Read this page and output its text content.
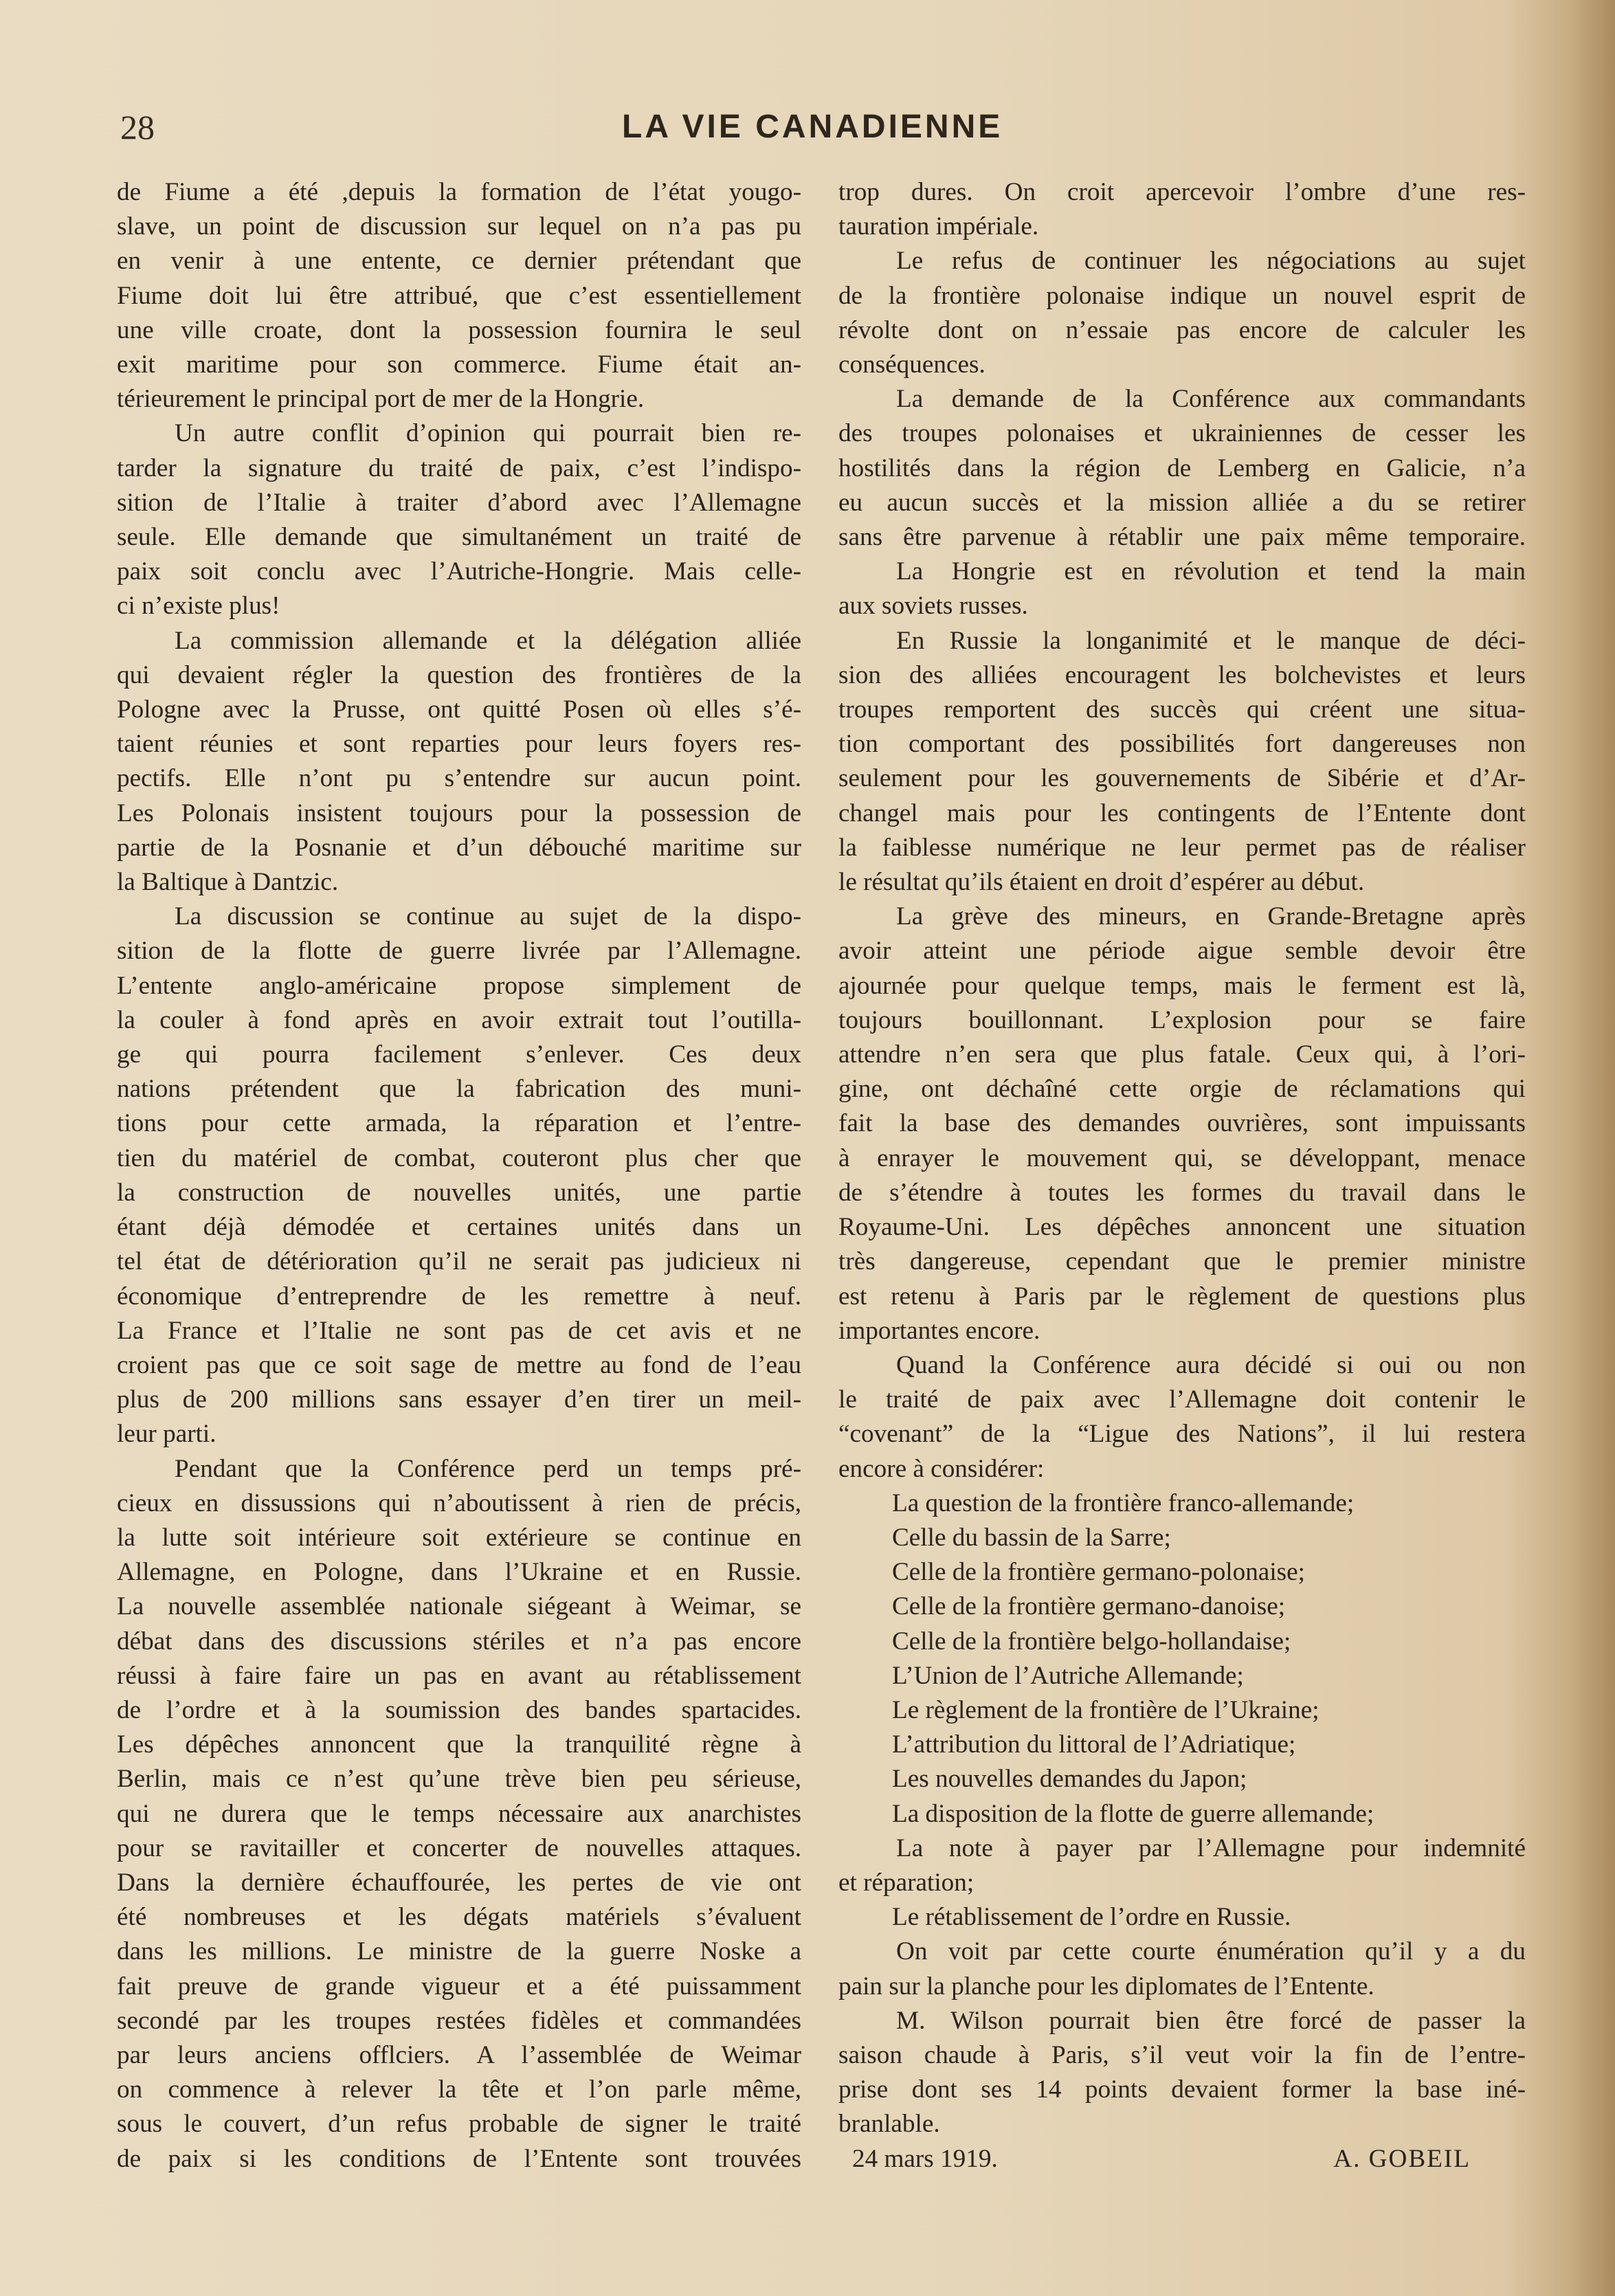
28	LA VIE CANADIENNE
de Fiume a été ,depuis la formation de l’état yougo-
slave, un point de discussion sur lequel on n’a pas pu
en venir à une entente, ce dernier prétendant que
Fiume doit lui être attribué, que c’est essentiellement
une ville croate, dont la possession fournira le seul
exit maritime pour son commerce. Fiume était an-
térieurement le principal port de mer de la Hongrie.
Un autre conflit d’opinion qui pourrait bien re-
tarder la signature du traité de paix, c’est l’indispo-
sition de l’Italie à traiter d’abord avec l’Allemagne
seule. Elle demande que simultanément un traité de
paix soit conclu avec l’Autriche-Hongrie. Mais celle-
ci n’existe plus!
La commission allemande et la délégation alliée
qui devaient régler la question des frontières de la
Pologne avec la Prusse, ont quitté Posen où elles s’é-
taient réunies et sont reparties pour leurs foyers res-
pectifs. Elle n’ont pu s’entendre sur aucun point.
Les Polonais insistent toujours pour la possession de
partie de la Posnanie et d’un débouché maritime sur
la Baltique à Dantzic.
La discussion se continue au sujet de la dispo-
sition de la flotte de guerre livrée par l’Allemagne.
L’entente anglo-américaine propose simplement de
la couler à fond après en avoir extrait tout l’outilla-
ge qui pourra facilement s’enlever. Ces deux
nations prétendent que la fabrication des muni-
tions pour cette armada, la réparation et l’entre-
tien du matériel de combat, couteront plus cher que
la construction de nouvelles unités, une partie
étant déjà démodée et certaines unités dans un
tel état de détérioration qu’il ne serait pas judicieux ni
économique d’entreprendre de les remettre à neuf.
La France et l’Italie ne sont pas de cet avis et ne
croient pas que ce soit sage de mettre au fond de l’eau
plus de 200 millions sans essayer d’en tirer un meil-
leur parti.
Pendant que la Conférence perd un temps pré-
cieux en dissussions qui n’aboutissent à rien de précis,
la lutte soit intérieure soit extérieure se continue en
Allemagne, en Pologne, dans l’Ukraine et en Russie.
La nouvelle assemblée nationale siégeant à Weimar, se
débat dans des discussions stériles et n’a pas encore
réussi à faire faire un pas en avant au rétablissement
de l’ordre et à la soumission des bandes spartacides.
Les dépêches annoncent que la tranquilité règne à
Berlin, mais ce n’est qu’une trève bien peu sérieuse,
qui ne durera que le temps nécessaire aux anarchistes
pour se ravitailler et concerter de nouvelles attaques.
Dans la dernière échauffourée, les pertes de vie ont
été nombreuses et les dégats matériels s’évaluent
dans les millions. Le ministre de la guerre Noske a
fait preuve de grande vigueur et a été puissamment
secondé par les troupes restées fidèles et commandées
par leurs anciens offlciers. A l’assemblée de Weimar
on commence à relever la tête et l’on parle même,
sous le couvert, d’un refus probable de signer le traité
de paix si les conditions de l’Entente sont trouvées
trop dures. On croit apercevoir l’ombre d’une res-
tauration impériale.
Le refus de continuer les négociations au sujet
de la frontière polonaise indique un nouvel esprit de
révolte dont on n’essaie pas encore de calculer les
conséquences.
La demande de la Conférence aux commandants
des troupes polonaises et ukrainiennes de cesser les
hostilités dans la région de Lemberg en Galicie, n’a
eu aucun succès et la mission alliée a du se retirer
sans être parvenue à rétablir une paix même temporaire.
La Hongrie est en révolution et tend la main
aux soviets russes.
En Russie la longanimité et le manque de déci-
sion des alliées encouragent les bolchevistes et leurs
troupes remportent des succès qui créent une situa-
tion comportant des possibilités fort dangereuses non
seulement pour les gouvernements de Sibérie et d’Ar-
changel mais pour les contingents de l’Entente dont
la faiblesse numérique ne leur permet pas de réaliser
le résultat qu’ils étaient en droit d’espérer au début.
La grève des mineurs, en Grande-Bretagne après
avoir atteint une période aigue semble devoir être
ajournée pour quelque temps, mais le ferment est là,
toujours bouillonnant. L’explosion pour se faire
attendre n’en sera que plus fatale. Ceux qui, à l’ori-
gine, ont déchaîné cette orgie de réclamations qui
fait la base des demandes ouvrières, sont impuissants
à enrayer le mouvement qui, se développant, menace
de s’étendre à toutes les formes du travail dans le
Royaume-Uni. Les dépêches annoncent une situation
très dangereuse, cependant que le premier ministre
est retenu à Paris par le règlement de questions plus
importantes encore.
Quand la Conférence aura décidé si oui ou non
le traité de paix avec l’Allemagne doit contenir le
“covenant” de la “Ligue des Nations”, il lui restera
encore à considérer:
La question de la frontière franco-allemande;
Celle du bassin de la Sarre;
Celle de la frontière germano-polonaise;
Celle de la frontière germano-danoise;
Celle de la frontière belgo-hollandaise;
L’Union de l’Autriche Allemande;
Le règlement de la frontière de l’Ukraine;
L’attribution du littoral de l’Adriatique;
Les nouvelles demandes du Japon;
La disposition de la flotte de guerre allemande;
La note à payer par l’Allemagne pour indemnité
et réparation;
Le rétablissement de l’ordre en Russie.
On voit par cette courte énumération qu’il y a du
pain sur la planche pour les diplomates de l’Entente.
M. Wilson pourrait bien être forcé de passer la
saison chaude à Paris, s’il veut voir la fin de l’entre-
prise dont ses 14 points devaient former la base iné-
branlable.
24 mars 1919.	A. GOBEIL
